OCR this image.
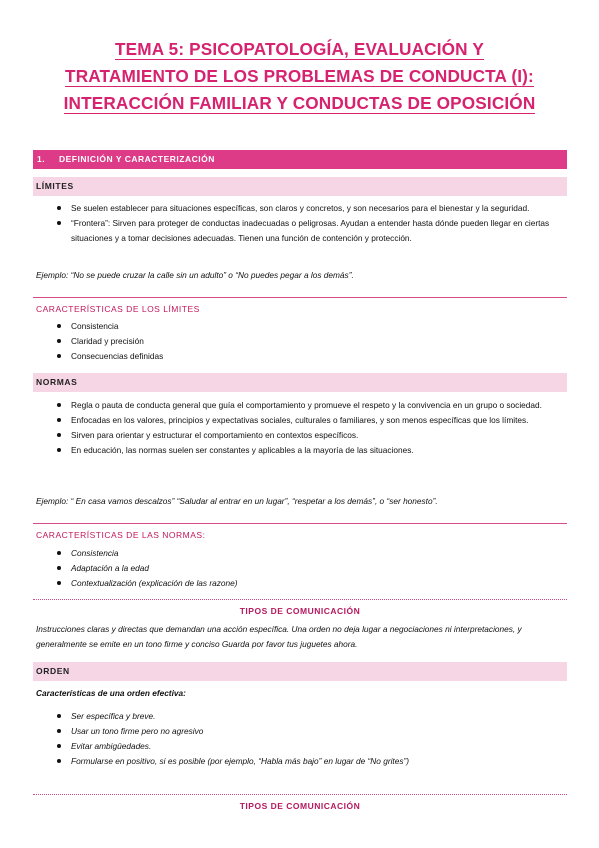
TEMA 5: PSICOPATOLOGÍA, EVALUACIÓN Y
TRATAMIENTO DE LOS PROBLEMAS DE CONDUCTA (I):
INTERACCIÓN FAMILIAR Y CONDUCTAS DE OPOSICIÓN
1. DEFINICIÓN Y CARACTERIZACIÓN
LÍMITES
Se suelen establecer para situaciones específicas, son claros y concretos, y son necesarios para el bienestar y la seguridad.
“Frontera”: Sirven para proteger de conductas inadecuadas o peligrosas. Ayudan a entender hasta dónde pueden llegar en ciertas situaciones y a tomar decisiones adecuadas. Tienen una función de contención y protección.
Ejemplo: “No se puede cruzar la calle sin un adulto” o “No puedes pegar a los demás”.
CARACTERÍSTICAS DE LOS LÍMITES
Consistencia
Claridad y precisión
Consecuencias definidas
NORMAS
Regla o pauta de conducta general que guía el comportamiento y promueve el respeto y la convivencia en un grupo o sociedad.
Enfocadas en los valores, principios y expectativas sociales, culturales o familiares, y son menos específicas que los límites.
Sirven para orientar y estructurar el comportamiento en contextos específicos.
En educación, las normas suelen ser constantes y aplicables a la mayoría de las situaciones.
Ejemplo: “ En casa vamos descalzos” “Saludar al entrar en un lugar”, “respetar a los demás”, o “ser honesto”.
CARACTERÍSTICAS DE LAS NORMAS:
Consistencia
Adaptación a la edad
Contextualización (explicación de las razone)
TIPOS DE COMUNICACIÓN
Instrucciones claras y directas que demandan una acción específica. Una orden no deja lugar a negociaciones ni interpretaciones, y generalmente se emite en un tono firme y conciso Guarda por favor tus juguetes ahora.
ORDEN
Características de una orden efectiva:
Ser específica y breve.
Usar un tono firme pero no agresivo
Evitar ambigüedades.
Formularse en positivo, si es posible (por ejemplo, “Habla más bajo” en lugar de “No grites”)
TIPOS DE COMUNICACIÓN
